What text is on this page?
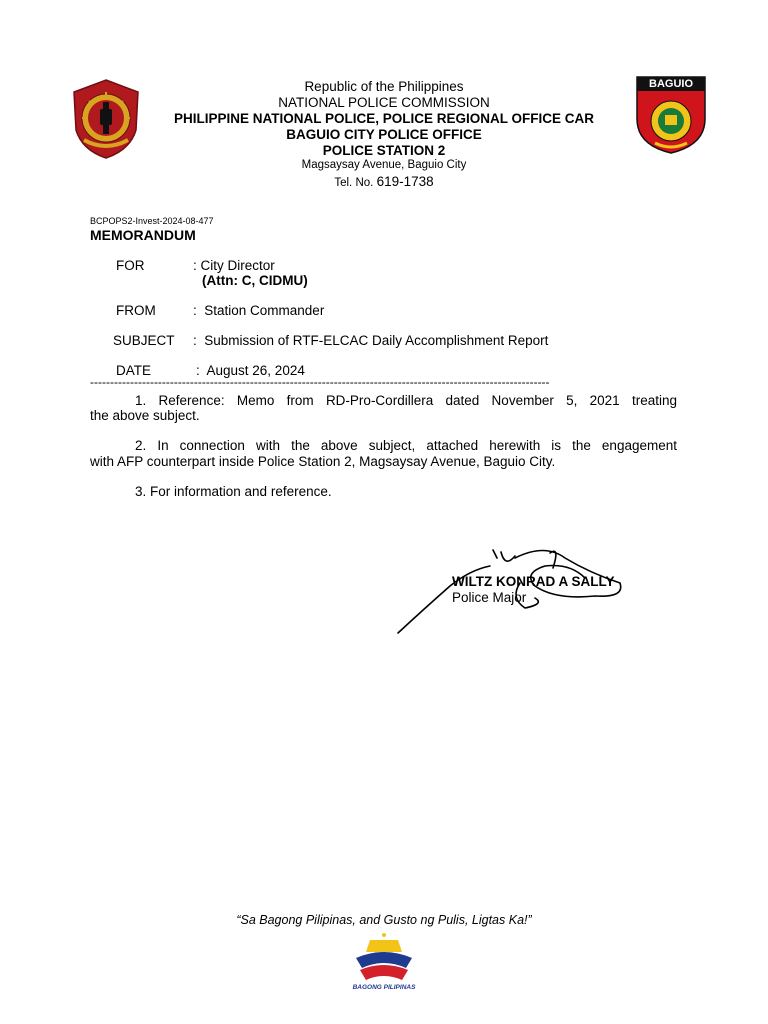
BAGUIO
Republic of the Philippines
NATIONAL POLICE COMMISSION
PHILIPPINE NATIONAL POLICE, POLICE REGIONAL OFFICE CAR
BAGUIO CITY POLICE OFFICE
POLICE STATION 2
Magsaysay Avenue, Baguio City
Tel. No. 619-1738
BCPOPS2-Invest-2024-08-477
MEMORANDUM
FOR	: City Director
(Attn: C, CIDMU)
FROM	:  Station Commander
SUBJECT :  Submission of RTF-ELCAC Daily Accomplishment Report
DATE	:  August 26, 2024
-------------------------------------------------------------------------------------------------------------------
1. Reference: Memo from RD-Pro-Cordillera dated November 5, 2021 treating
the above subject.
2. In connection with the above subject, attached herewith is the engagement
with AFP counterpart inside Police Station 2, Magsaysay Avenue, Baguio City.
3. For information and reference.
WILTZ KONRAD A SALLY
Police Major
“Sa Bagong Pilipinas, and Gusto ng Pulis, Ligtas Ka!”
BAGONG PILIPINAS
